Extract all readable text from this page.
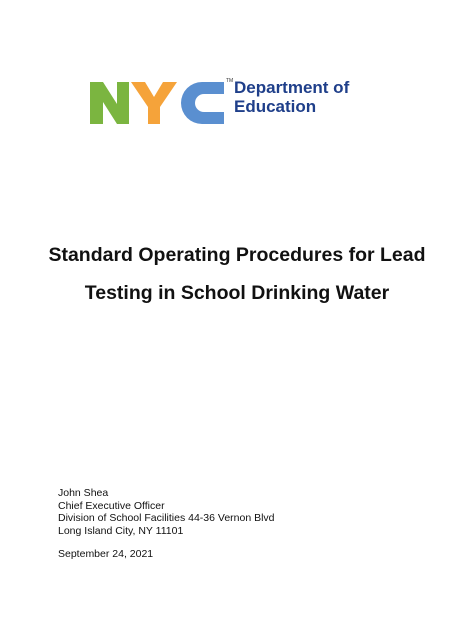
TM Department of
Education
Standard Operating Procedures for Lead
Testing in School Drinking Water
John Shea
Chief Executive Officer
Division of School Facilities 44-36 Vernon Blvd
Long Island City, NY 11101
September 24, 2021
